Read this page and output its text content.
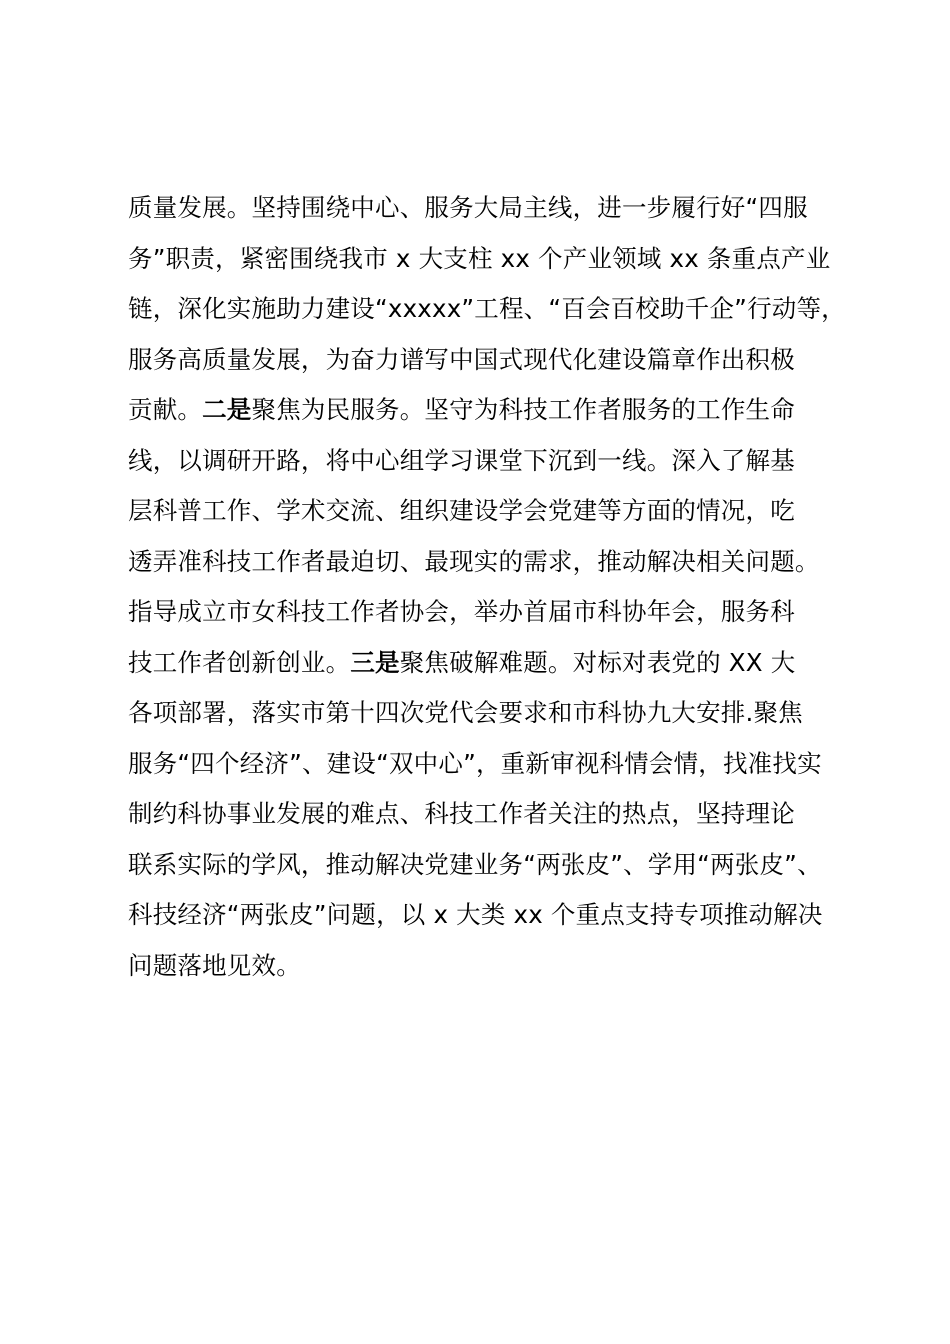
质量发展。坚持围绕中心、服务大局主线，进一步履行好“四服
务”职责，紧密围绕我市 x 大支柱 xx 个产业领域 xx 条重点产业
链，深化实施助力建设“xxxxx”工程、“百会百校助千企”行动等，
服务高质量发展，为奋力谱写中国式现代化建设篇章作出积极
贡献。二是聚焦为民服务。坚守为科技工作者服务的工作生命
线，以调研开路，将中心组学习课堂下沉到一线。深入了解基
层科普工作、学术交流、组织建设学会党建等方面的情况，吃
透弄准科技工作者最迫切、最现实的需求，推动解决相关问题。
指导成立市女科技工作者协会，举办首届市科协年会，服务科
技工作者创新创业。三是聚焦破解难题。对标对表党的 XX 大
各项部署，落实市第十四次党代会要求和市科协九大安排.聚焦
服务“四个经济”、建设“双中心”，重新审视科情会情，找准找实
制约科协事业发展的难点、科技工作者关注的热点，坚持理论
联系实际的学风，推动解决党建业务“两张皮”、学用“两张皮”、
科技经济“两张皮”问题，以 x 大类 xx 个重点支持专项推动解决
问题落地见效。
